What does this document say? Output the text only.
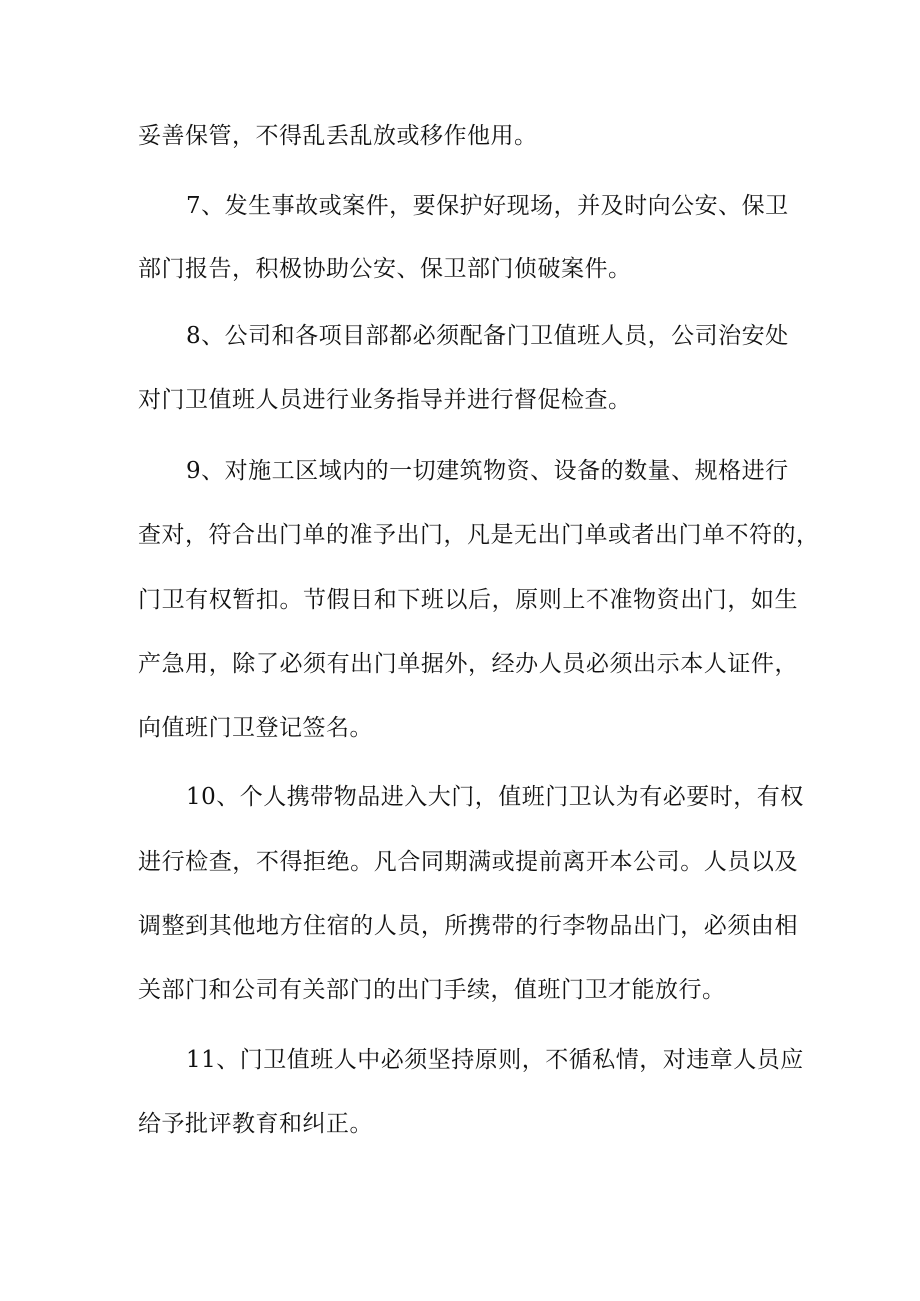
妥善保管，不得乱丢乱放或移作他用。
7、发生事故或案件，要保护好现场，并及时向公安、保卫
部门报告，积极协助公安、保卫部门侦破案件。
8、公司和各项目部都必须配备门卫值班人员，公司治安处
对门卫值班人员进行业务指导并进行督促检查。
9、对施工区域内的一切建筑物资、设备的数量、规格进行
查对，符合出门单的准予出门，凡是无出门单或者出门单不符的，
门卫有权暂扣。节假日和下班以后，原则上不准物资出门，如生
产急用，除了必须有出门单据外，经办人员必须出示本人证件，
向值班门卫登记签名。
10、个人携带物品进入大门，值班门卫认为有必要时，有权
进行检查，不得拒绝。凡合同期满或提前离开本公司。人员以及
调整到其他地方住宿的人员，所携带的行李物品出门，必须由相
关部门和公司有关部门的出门手续，值班门卫才能放行。
11、门卫值班人中必须坚持原则，不循私情，对违章人员应
给予批评教育和纠正。
